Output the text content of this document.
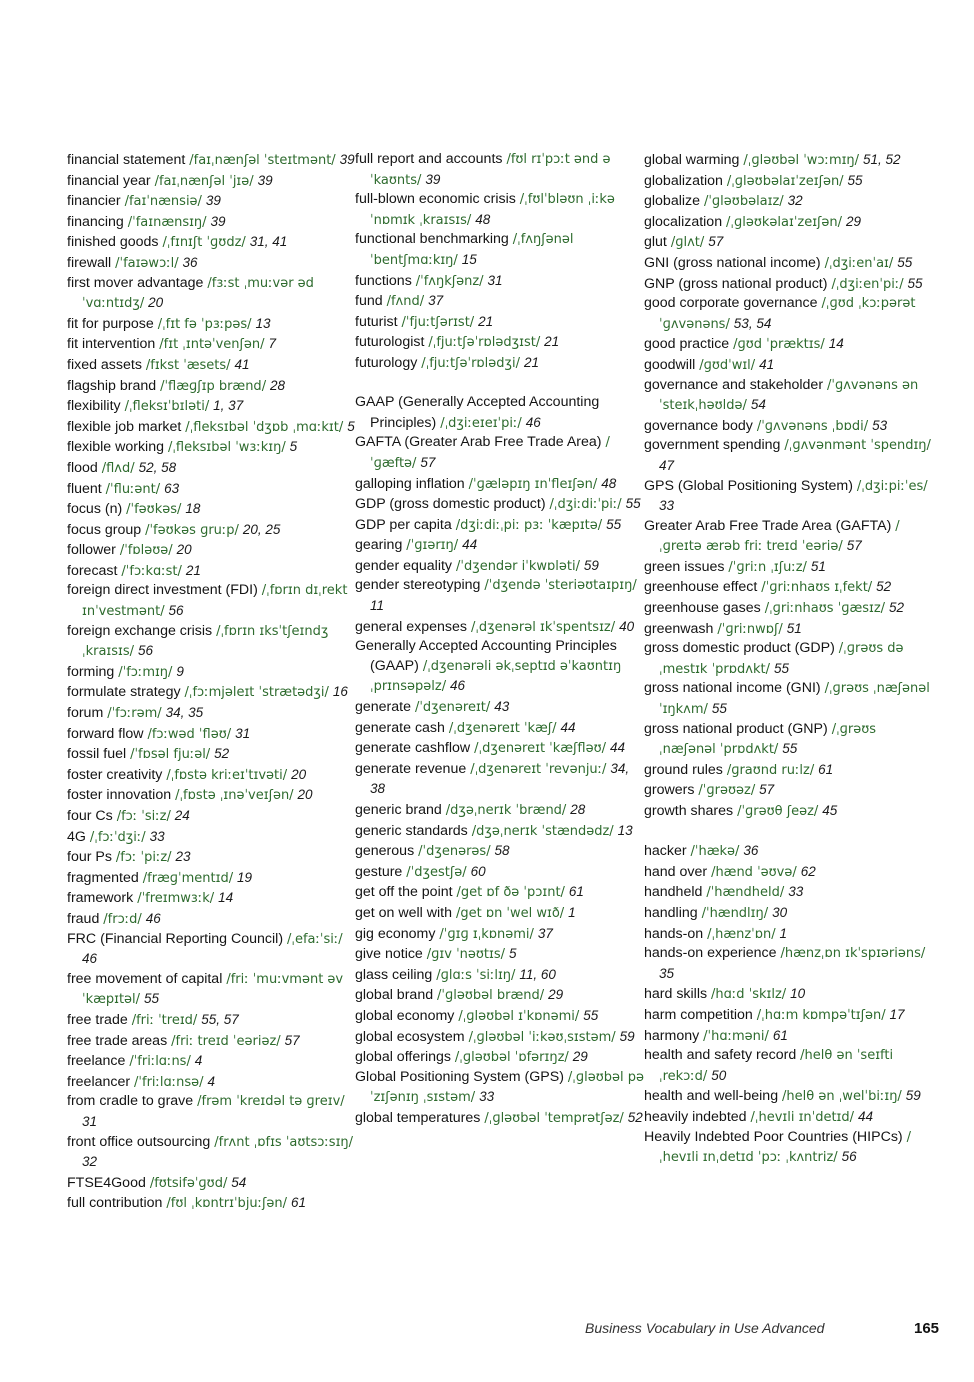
financial statement /faɪˌnænʃəl ˈsteɪtmənt/ 39
financial year /faɪˌnænʃəl ˈjɪə/ 39
financier /faɪˈnænsiə/ 39
financing /ˈfaɪnænsɪŋ/ 39
finished goods /ˌfɪnɪʃt ˈɡʊdz/ 31, 41
firewall /ˈfaɪəwɔːl/ 36
first mover advantage /fɜːst ˌmuːvər ədˈvɑːntɪdʒ/ 20
fit for purpose /ˌfɪt fə ˈpɜːpəs/ 13
fit intervention /fɪt ˌɪntəˈvenʃən/ 7
fixed assets /fɪkst ˈæsets/ 41
flagship brand /ˈflæɡʃɪp brænd/ 28
flexibility /ˌfleksɪˈbɪləti/ 1, 37
flexible job market /ˌfleksɪbəl ˈdʒɒb ˌmɑːkɪt/ 5
flexible working /ˌfleksɪbəl ˈwɜːkɪŋ/ 5
flood /flʌd/ 52, 58
fluent /ˈfluːənt/ 63
focus (n) /ˈfəʊkəs/ 18
focus group /ˈfəʊkəs ɡruːp/ 20, 25
follower /ˈfɒləʊə/ 20
forecast /ˈfɔːkɑːst/ 21
foreign direct investment (FDI) /ˌfɒrɪn dɪˌrekt ɪnˈvestmənt/ 56
foreign exchange crisis /ˌfɒrɪn ɪksˈtʃeɪndʒ ˌkraɪsɪs/ 56
forming /ˈfɔːmɪŋ/ 9
formulate strategy /ˌfɔːmjəleɪt ˈstrætədʒi/ 16
forum /ˈfɔːrəm/ 34, 35
forward flow /fɔːwəd ˈfləʊ/ 31
fossil fuel /ˈfɒsəl fjuːəl/ 52
foster creativity /ˌfɒstə kriːeɪˈtɪvəti/ 20
foster innovation /ˌfɒstə ˌɪnəˈveɪʃən/ 20
four Cs /fɔː ˈsiːz/ 24
4G /ˌfɔːˈdʒiː/ 33
four Ps /fɔː ˈpiːz/ 23
fragmented /fræɡˈmentɪd/ 19
framework /ˈfreɪmwɜːk/ 14
fraud /frɔːd/ 46
FRC (Financial Reporting Council) /ˌefaːˈsiː/ 46
free movement of capital /friː ˈmuːvmənt əv ˈkæpɪtəl/ 55
free trade /friː ˈtreɪd/ 55, 57
free trade areas /friː treɪd ˈeəriəz/ 57
freelance /ˈfriːlɑːns/ 4
freelancer /ˈfriːlɑːnsə/ 4
from cradle to grave /frəm ˈkreɪdəl tə ɡreɪv/ 31
front office outsourcing /frʌnt ˌɒfɪs ˈaʊtsɔːsɪŋ/ 32
FTSE4Good /fʊtsifəˈɡʊd/ 54
full contribution /fʊl ˌkɒntrɪˈbjuːʃən/ 61
full report and accounts /fʊl rɪˈpɔːt ənd əˈkaʊnts/ 39
full-blown economic crisis /ˌfʊlˈbləʊn ˌiːkəˈnɒmɪk ˌkraɪsɪs/ 48
functional benchmarking /ˌfʌŋʃənəl ˈbentʃmɑːkɪŋ/ 15
functions /ˈfʌŋkʃənz/ 31
fund /fʌnd/ 37
futurist /ˈfjuːtʃərɪst/ 21
futurologist /ˌfjuːtʃəˈrɒlədʒɪst/ 21
futurology /ˌfjuːtʃəˈrɒlədʒi/ 21
GAAP (Generally Accepted Accounting Principles) /ˌdʒiːeɪeɪˈpiː/ 46
GAFTA (Greater Arab Free Trade Area) /ˈɡæftə/ 57
galloping inflation /ˈɡæləpɪŋ ɪnˈfleɪʃən/ 48
GDP (gross domestic product) /ˌdʒiːdiːˈpiː/ 55
GDP per capita /dʒiːdiːˌpiː pɜː ˈkæpɪtə/ 55
gearing /ˈɡɪərɪŋ/ 44
gender equality /ˈdʒendər iˈkwɒləti/ 59
gender stereotyping /ˈdʒendə ˈsteriəʊtaɪpɪŋ/ 11
general expenses /ˌdʒenərəl ɪkˈspentsɪz/ 40
Generally Accepted Accounting Principles (GAAP) /ˌdʒenərəli əkˌseptɪd əˈkaʊntɪŋ ˌprɪnsəpəlz/ 46
generate /ˈdʒenəreɪt/ 43
generate cash /ˌdʒenəreɪt ˈkæʃ/ 44
generate cashflow /ˌdʒenəreɪt ˈkæʃfləʊ/ 44
generate revenue /ˌdʒenəreɪt ˈrevənjuː/ 34, 38
generic brand /dʒəˌnerɪk ˈbrænd/ 28
generic standards /dʒəˌnerɪk ˈstændədz/ 13
generous /ˈdʒenərəs/ 58
gesture /ˈdʒestʃə/ 60
get off the point /get ɒf ðə ˈpɔɪnt/ 61
get on well with /get ɒn ˈwel wɪð/ 1
gig economy /ˈɡɪɡ ɪˌkɒnəmi/ 37
give notice /ɡɪv ˈnəʊtɪs/ 5
glass ceiling /ɡlɑːs ˈsiːlɪŋ/ 11, 60
global brand /ˈɡləʊbəl brænd/ 29
global economy /ˌɡləʊbəl ɪˈkɒnəmi/ 55
global ecosystem /ˌɡləʊbəl ˈiːkəʊˌsɪstəm/ 59
global offerings /ˌɡləʊbəl ˈɒfərɪŋz/ 29
Global Positioning System (GPS) /ˌɡləʊbəl pəˈzɪʃənɪŋ ˌsɪstəm/ 33
global temperatures /ˌɡləʊbəl ˈtemprətʃəz/ 52
global warming /ˌɡləʊbəl ˈwɔːmɪŋ/ 51, 52
globalization /ˌɡləʊbəlaɪˈzeɪʃən/ 55
globalize /ˈɡləʊbəlaɪz/ 32
glocalization /ˌɡləʊkəlaɪˈzeɪʃən/ 29
glut /ɡlʌt/ 57
GNI (gross national income) /ˌdʒiːenˈaɪ/ 55
GNP (gross national product) /ˌdʒiːenˈpiː/ 55
good corporate governance /ˌɡʊd ˌkɔːpərət ˈɡʌvənəns/ 53, 54
good practice /ɡʊd ˈpræktɪs/ 14
goodwill /ɡʊdˈwɪl/ 41
governance and stakeholder /ˈɡʌvənəns ən ˈsteɪkˌhəʊldə/ 54
governance body /ˈɡʌvənəns ˌbɒdi/ 53
government spending /ˌɡʌvənmənt ˈspendɪŋ/ 47
GPS (Global Positioning System) /ˌdʒiːpiːˈes/ 33
Greater Arab Free Trade Area (GAFTA) /ˌɡreɪtə ærəb friː treɪd ˈeəriə/ 57
green issues /ˈɡriːn ˌɪʃuːz/ 51
greenhouse effect /ˈɡriːnhaʊs ɪˌfekt/ 52
greenhouse gases /ˌɡriːnhaʊs ˈɡæsɪz/ 52
greenwash /ˈɡriːnwɒʃ/ 51
gross domestic product (GDP) /ˌɡrəʊs dəˌmestɪk ˈprɒdʌkt/ 55
gross national income (GNI) /ˌɡrəʊs ˌnæʃənəl ˈɪŋkʌm/ 55
gross national product (GNP) /ˌɡrəʊs ˌnæʃənəl ˈprɒdʌkt/ 55
ground rules /ɡraʊnd ruːlz/ 61
growers /ˈɡrəʊəz/ 57
growth shares /ˈɡrəʊθ ʃeəz/ 45
hacker /ˈhækə/ 36
hand over /hænd ˈəʊvə/ 62
handheld /ˈhændheld/ 33
handling /ˈhændlɪŋ/ 30
hands-on /ˌhænzˈɒn/ 1
hands-on experience /hænzˌɒn ɪkˈspɪəriəns/ 35
hard skills /hɑːd ˈskɪlz/ 10
harm competition /ˌhɑːm kɒmpəˈtɪʃən/ 17
harmony /ˈhɑːməni/ 61
health and safety record /helθ ən ˈseɪfti ˌrekɔːd/ 50
health and well-being /helθ ən ˌwelˈbiːɪŋ/ 59
heavily indebted /ˌhevɪli ɪnˈdetɪd/ 44
Heavily Indebted Poor Countries (HIPCs) /ˌhevɪli ɪnˌdetɪd ˈpɔː ˌkʌntriz/ 56
Business Vocabulary in Use Advanced	165
